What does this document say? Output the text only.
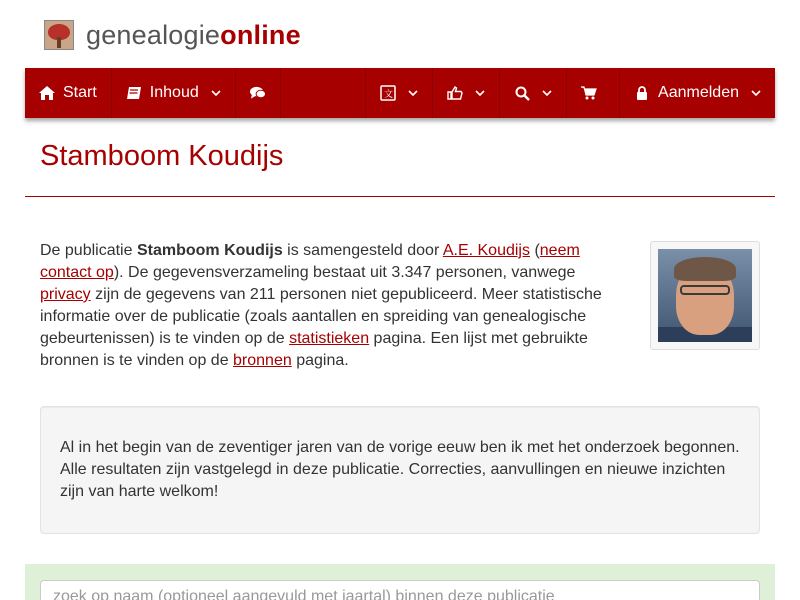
genealogieonline
Start	Inhoud	文	Aanmelden
Stamboom Koudijs

De publicatie Stamboom Koudijs is samengesteld door A.E. Koudijs (neem contact op). De gegevensverzameling bestaat uit 3.347 personen, vanwege privacy zijn de gegevens van 211 personen niet gepubliceerd. Meer statistische informatie over de publicatie (zoals aantallen en spreiding van genealogische gebeurtenissen) is te vinden op de statistieken pagina. Een lijst met gebruikte bronnen is te vinden op de bronnen pagina.

Al in het begin van de zeventiger jaren van de vorige eeuw ben ik met het onderzoek begonnen. Alle resultaten zijn vastgelegd in deze publicatie. Correcties, aanvullingen en nieuwe inzichten zijn van harte welkom!
zoek op naam (optioneel aangevuld met jaartal) binnen deze publicatie
